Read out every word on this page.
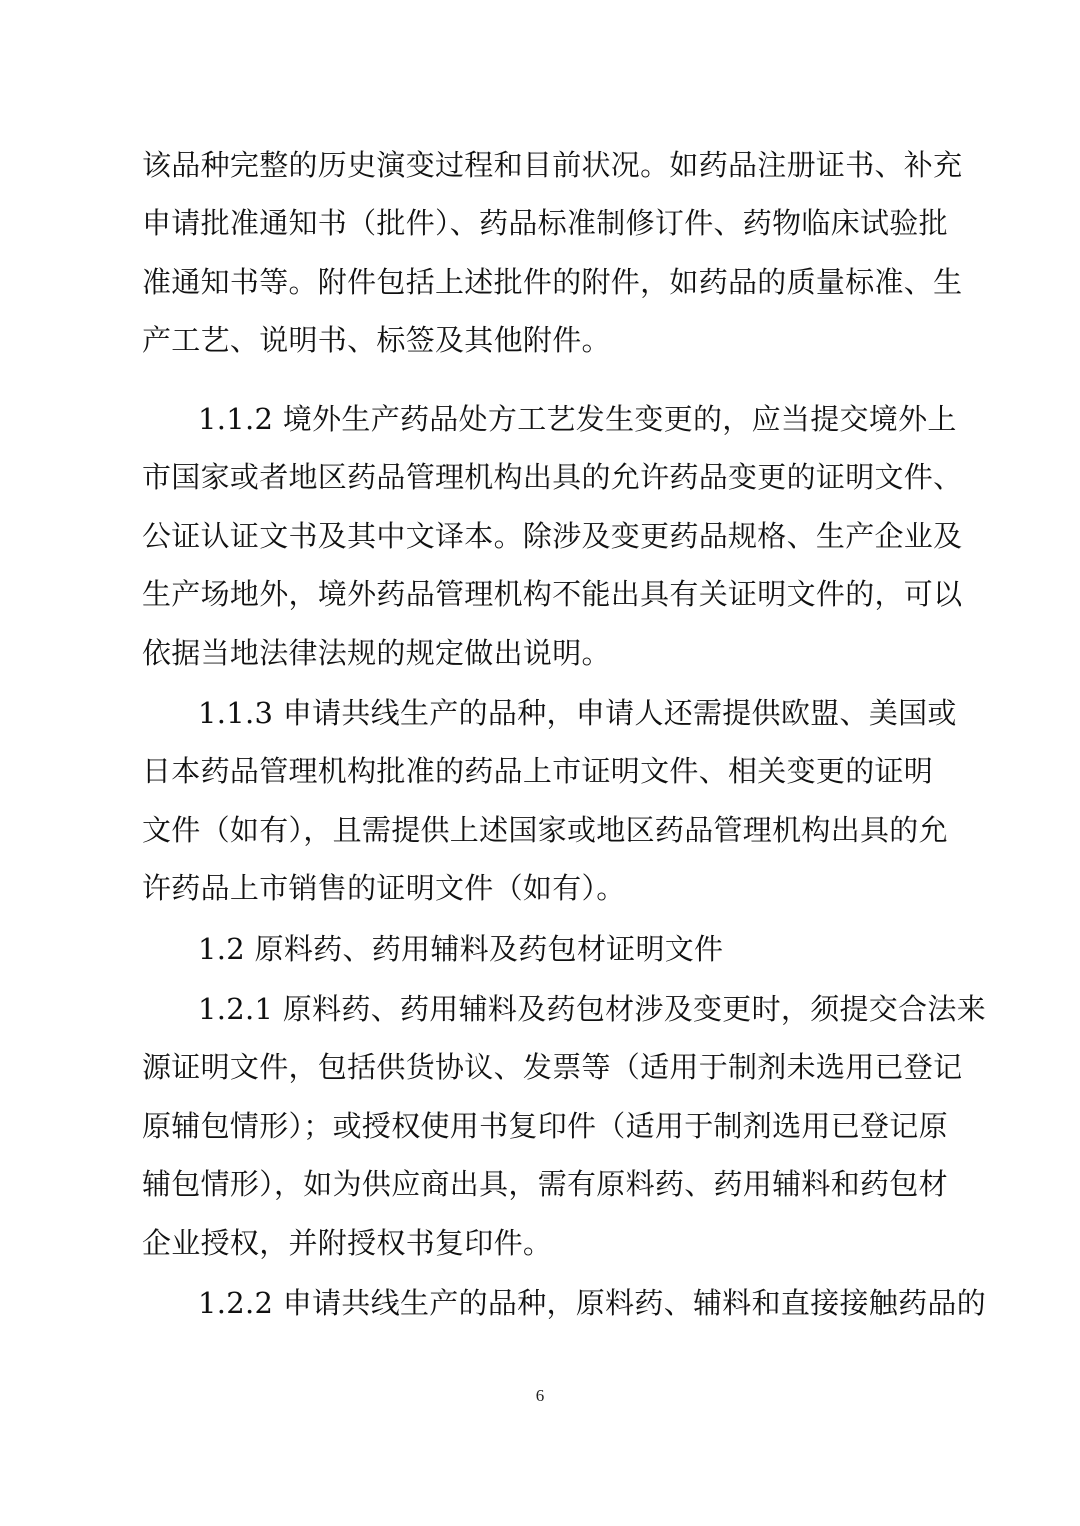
该品种完整的历史演变过程和目前状况。如药品注册证书、补充
申请批准通知书（批件）、药品标准制修订件、药物临床试验批
准通知书等。附件包括上述批件的附件，如药品的质量标准、生
产工艺、说明书、标签及其他附件。
1.1.2 境外生产药品处方工艺发生变更的，应当提交境外上
市国家或者地区药品管理机构出具的允许药品变更的证明文件、
公证认证文书及其中文译本。除涉及变更药品规格、生产企业及
生产场地外，境外药品管理机构不能出具有关证明文件的，可以
依据当地法律法规的规定做出说明。
1.1.3 申请共线生产的品种，申请人还需提供欧盟、美国或
日本药品管理机构批准的药品上市证明文件、相关变更的证明
文件（如有），且需提供上述国家或地区药品管理机构出具的允
许药品上市销售的证明文件（如有）。
1.2 原料药、药用辅料及药包材证明文件
1.2.1 原料药、药用辅料及药包材涉及变更时，须提交合法来
源证明文件，包括供货协议、发票等（适用于制剂未选用已登记
原辅包情形）；或授权使用书复印件（适用于制剂选用已登记原
辅包情形），如为供应商出具，需有原料药、药用辅料和药包材
企业授权，并附授权书复印件。
1.2.2 申请共线生产的品种，原料药、辅料和直接接触药品的
6
